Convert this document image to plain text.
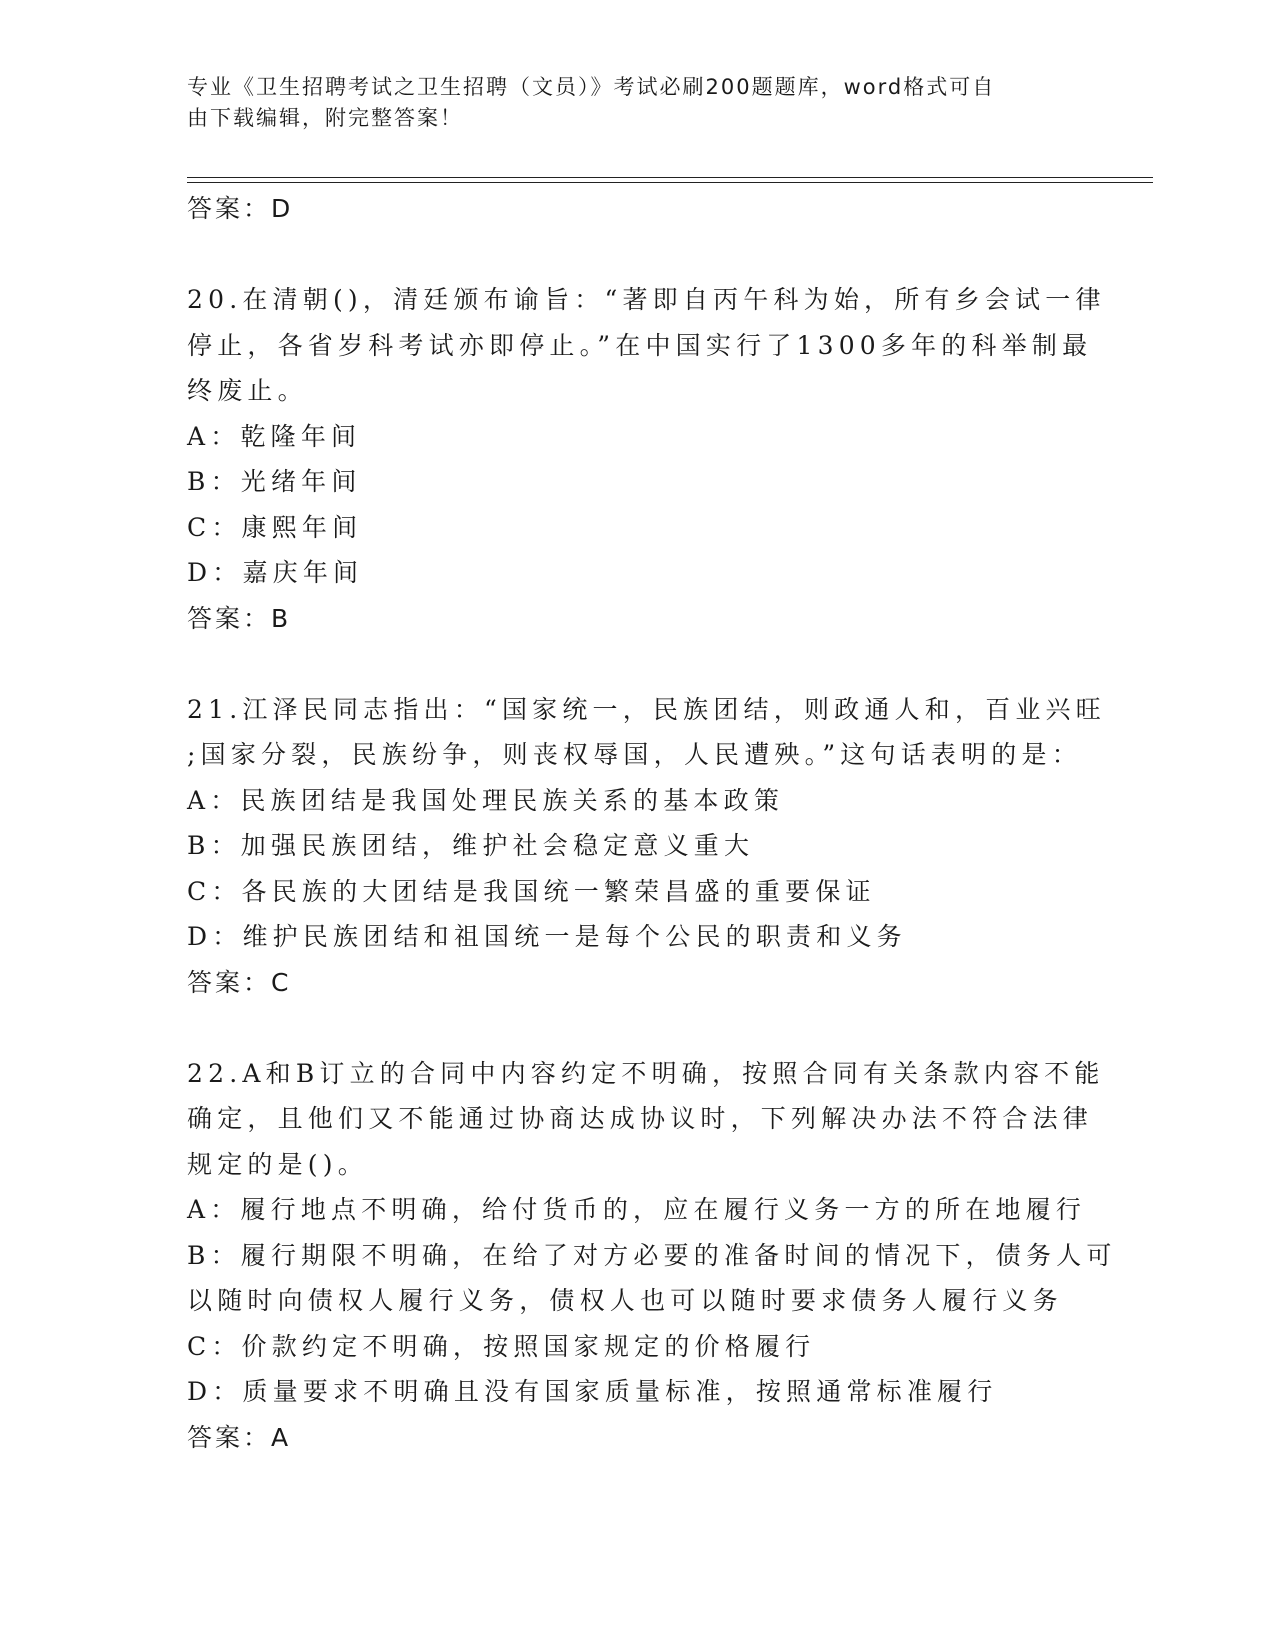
专业《卫生招聘考试之卫生招聘（文员）》考试必刷200题题库，word格式可自
由下载编辑，附完整答案！
答案：D
20.在清朝()，清廷颁布谕旨：“著即自丙午科为始，所有乡会试一律
停止，各省岁科考试亦即停止。”在中国实行了1300多年的科举制最
终废止。
A：乾隆年间
B：光绪年间
C：康熙年间
D：嘉庆年间
答案：B
21.江泽民同志指出：“国家统一，民族团结，则政通人和，百业兴旺
;国家分裂，民族纷争，则丧权辱国，人民遭殃。”这句话表明的是：
A：民族团结是我国处理民族关系的基本政策
B：加强民族团结，维护社会稳定意义重大
C：各民族的大团结是我国统一繁荣昌盛的重要保证
D：维护民族团结和祖国统一是每个公民的职责和义务
答案：C
22.A和B订立的合同中内容约定不明确，按照合同有关条款内容不能
确定，且他们又不能通过协商达成协议时，下列解决办法不符合法律
规定的是()。
A：履行地点不明确，给付货币的，应在履行义务一方的所在地履行
B：履行期限不明确，在给了对方必要的准备时间的情况下，债务人可
以随时向债权人履行义务，债权人也可以随时要求债务人履行义务
C：价款约定不明确，按照国家规定的价格履行
D：质量要求不明确且没有国家质量标准，按照通常标准履行
答案：A
